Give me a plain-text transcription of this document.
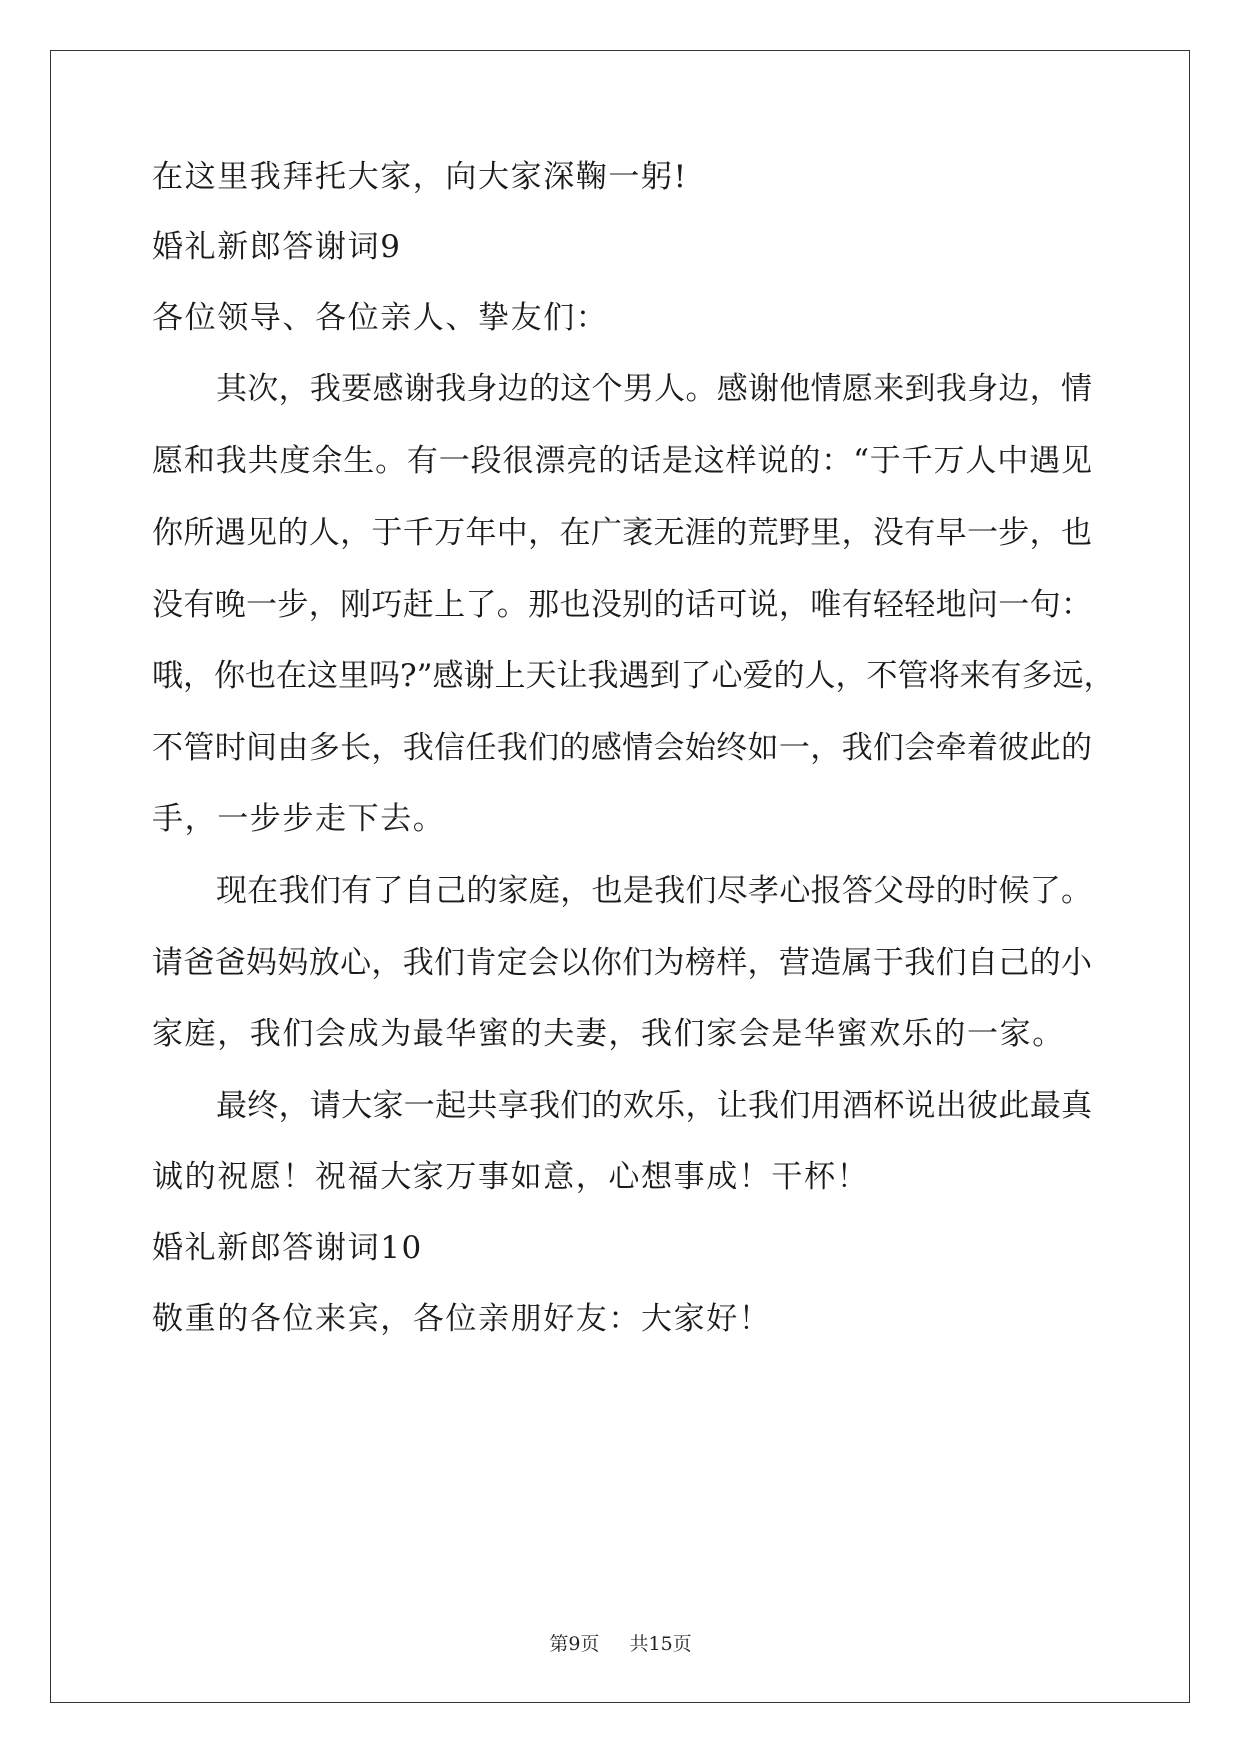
在这里我拜托大家，向大家深鞠一躬!
婚礼新郎答谢词9
各位领导、各位亲人、挚友们：
其次，我要感谢我身边的这个男人。感谢他情愿来到我身边，情
愿和我共度余生。有一段很漂亮的话是这样说的：“于千万人中遇见
你所遇见的人，于千万年中，在广袤无涯的荒野里，没有早一步，也
没有晚一步，刚巧赶上了。那也没别的话可说，唯有轻轻地问一句：
哦，你也在这里吗?”感谢上天让我遇到了心爱的人，不管将来有多远，
不管时间由多长，我信任我们的感情会始终如一，我们会牵着彼此的
手，一步步走下去。
现在我们有了自己的家庭，也是我们尽孝心报答父母的时候了。
请爸爸妈妈放心，我们肯定会以你们为榜样，营造属于我们自己的小
家庭，我们会成为最华蜜的夫妻，我们家会是华蜜欢乐的一家。
最终，请大家一起共享我们的欢乐，让我们用酒杯说出彼此最真
诚的祝愿！祝福大家万事如意，心想事成！干杯！
婚礼新郎答谢词10
敬重的各位来宾，各位亲朋好友：大家好！
第9页 共15页
